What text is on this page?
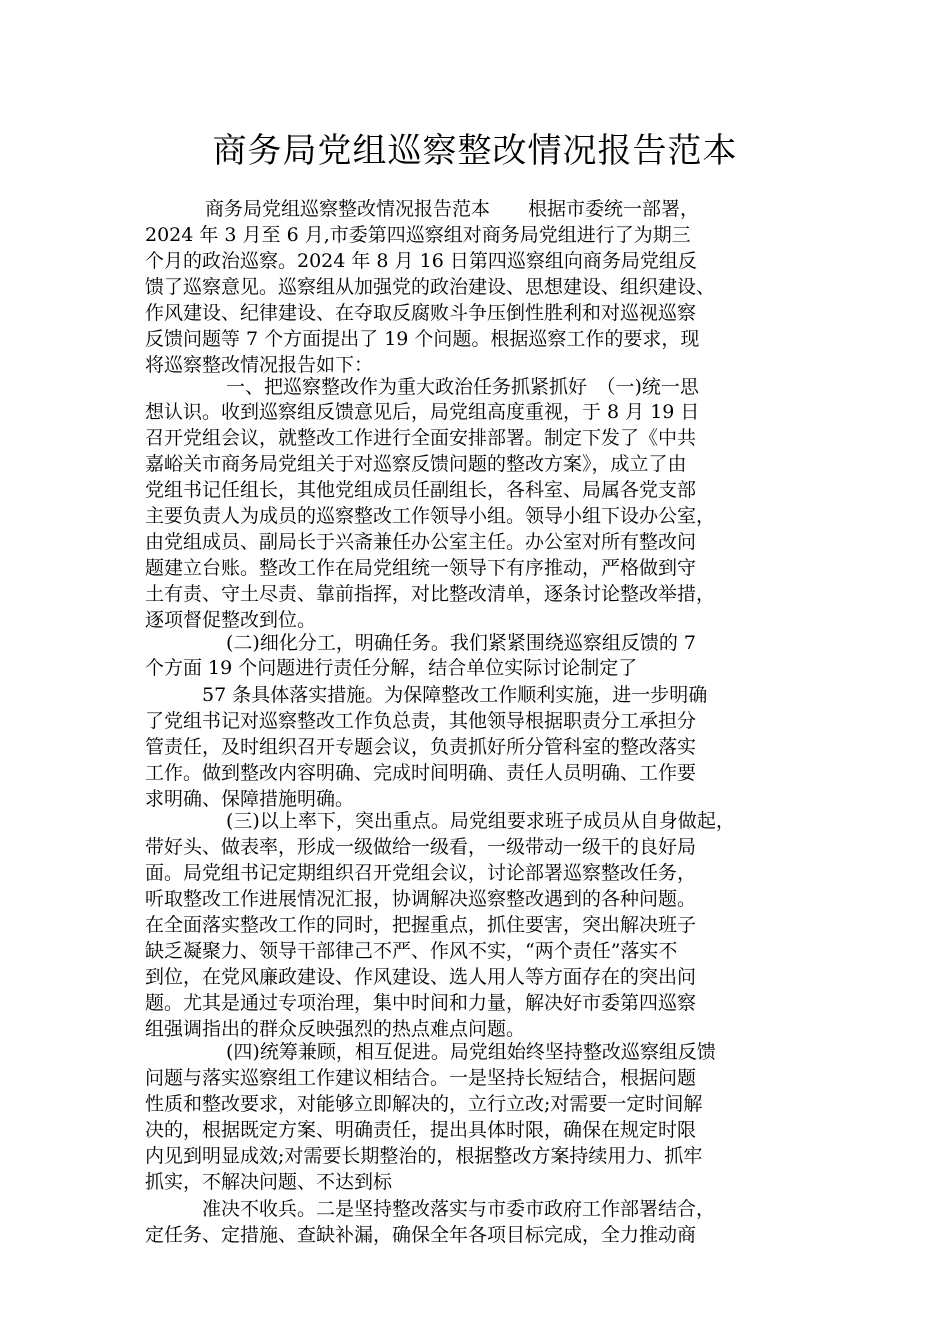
商务局党组巡察整改情况报告范本
商务局党组巡察整改情况报告范本　　根据市委统一部署，
2024 年 3 月至 6 月,市委第四巡察组对商务局党组进行了为期三
个月的政治巡察。2024 年 8 月 16 日第四巡察组向商务局党组反
馈了巡察意见。巡察组从加强党的政治建设、思想建设、组织建设、
作风建设、纪律建设、在夺取反腐败斗争压倒性胜利和对巡视巡察
反馈问题等 7 个方面提出了 19 个问题。根据巡察工作的要求，现
将巡察整改情况报告如下：
一、把巡察整改作为重大政治任务抓紧抓好　（一)统一思
想认识。收到巡察组反馈意见后，局党组高度重视，于 8 月 19 日
召开党组会议，就整改工作进行全面安排部署。制定下发了《中共
嘉峪关市商务局党组关于对巡察反馈问题的整改方案》，成立了由
党组书记任组长，其他党组成员任副组长，各科室、局属各党支部
主要负责人为成员的巡察整改工作领导小组。领导小组下设办公室，
由党组成员、副局长于兴斋兼任办公室主任。办公室对所有整改问
题建立台账。整改工作在局党组统一领导下有序推动，严格做到守
土有责、守土尽责、靠前指挥，对比整改清单，逐条讨论整改举措，
逐项督促整改到位。
(二)细化分工，明确任务。我们紧紧围绕巡察组反馈的 7
个方面 19 个问题进行责任分解，结合单位实际讨论制定了
57 条具体落实措施。为保障整改工作顺利实施，进一步明确
了党组书记对巡察整改工作负总责，其他领导根据职责分工承担分
管责任，及时组织召开专题会议，负责抓好所分管科室的整改落实
工作。做到整改内容明确、完成时间明确、责任人员明确、工作要
求明确、保障措施明确。
(三)以上率下，突出重点。局党组要求班子成员从自身做起，
带好头、做表率，形成一级做给一级看，一级带动一级干的良好局
面。局党组书记定期组织召开党组会议，讨论部署巡察整改任务，
听取整改工作进展情况汇报，协调解决巡察整改遇到的各种问题。
在全面落实整改工作的同时，把握重点，抓住要害，突出解决班子
缺乏凝聚力、领导干部律己不严、作风不实，“两个责任”落实不
到位，在党风廉政建设、作风建设、选人用人等方面存在的突出问
题。尤其是通过专项治理，集中时间和力量，解决好市委第四巡察
组强调指出的群众反映强烈的热点难点问题。
(四)统筹兼顾，相互促进。局党组始终坚持整改巡察组反馈
问题与落实巡察组工作建议相结合。一是坚持长短结合，根据问题
性质和整改要求，对能够立即解决的，立行立改;对需要一定时间解
决的，根据既定方案、明确责任，提出具体时限，确保在规定时限
内见到明显成效;对需要长期整治的，根据整改方案持续用力、抓牢
抓实，不解决问题、不达到标
准决不收兵。二是坚持整改落实与市委市政府工作部署结合，
定任务、定措施、查缺补漏，确保全年各项目标完成，全力推动商
